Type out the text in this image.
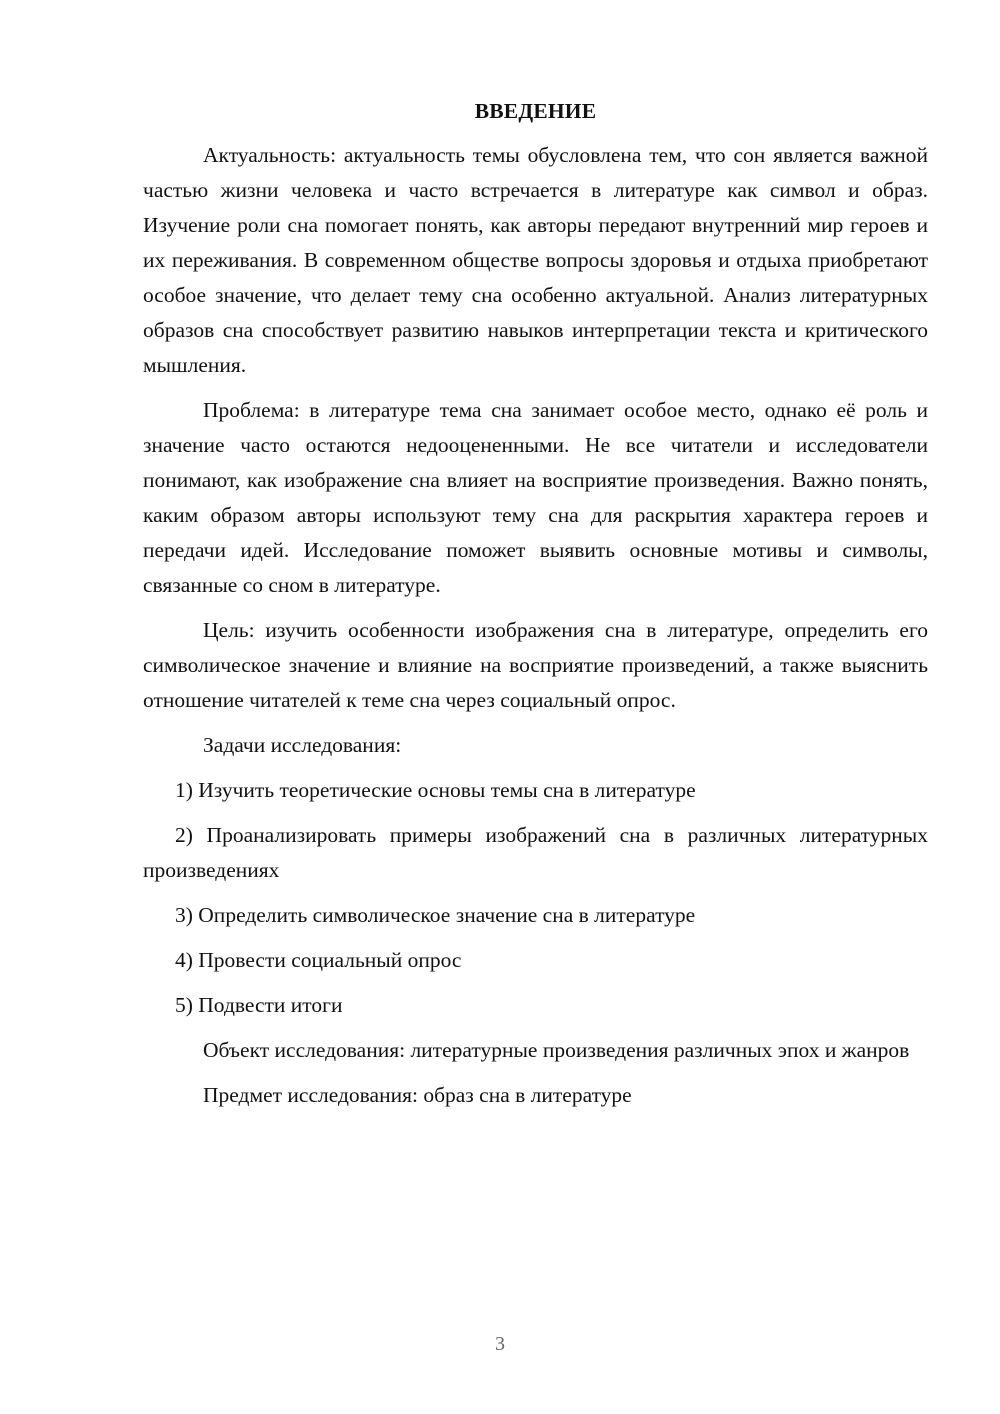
ВВЕДЕНИЕ

Актуальность: актуальность темы обусловлена тем, что сон является важной частью жизни человека и часто встречается в литературе как символ и образ. Изучение роли сна помогает понять, как авторы передают внутренний мир героев и их переживания. В современном обществе вопросы здоровья и отдыха приобретают особое значение, что делает тему сна особенно актуальной. Анализ литературных образов сна способствует развитию навыков интерпретации текста и критического мышления.

Проблема: в литературе тема сна занимает особое место, однако её роль и значение часто остаются недооцененными. Не все читатели и исследователи понимают, как изображение сна влияет на восприятие произведения. Важно понять, каким образом авторы используют тему сна для раскрытия характера героев и передачи идей. Исследование поможет выявить основные мотивы и символы, связанные со сном в литературе.

Цель: изучить особенности изображения сна в литературе, определить его символическое значение и влияние на восприятие произведений, а также выяснить отношение читателей к теме сна через социальный опрос.

Задачи исследования:

1) Изучить теоретические основы темы сна в литературе

2) Проанализировать примеры изображений сна в различных литературных произведениях

3) Определить символическое значение сна в литературе

4) Провести социальный опрос

5) Подвести итоги

Объект исследования: литературные произведения различных эпох и жанров

Предмет исследования: образ сна в литературе

3
